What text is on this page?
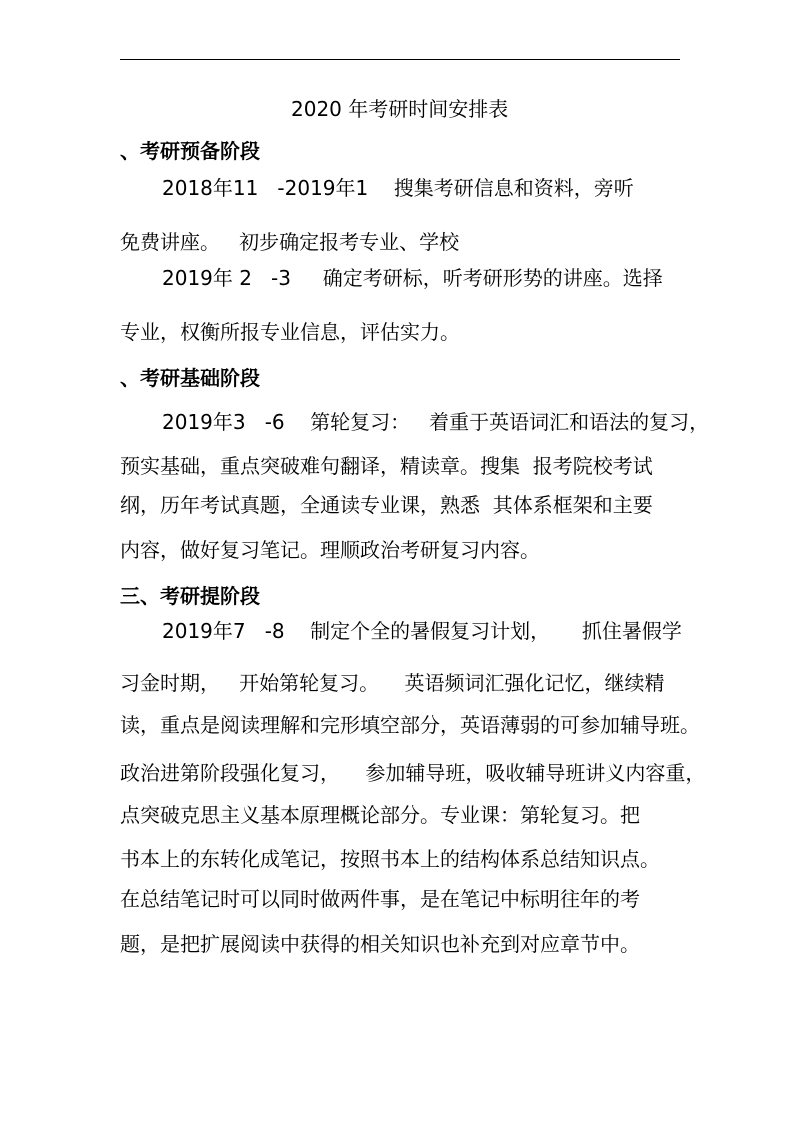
2020 年考研时间安排表
、考研预备阶段
2018年11   -2019年1    搜集考研信息和资料，旁听
免费讲座。   初步确定报考专业、学校
2019年 2   -3     确定考研标，听考研形势的讲座。选择
专业，权衡所报专业信息，评估实力。
、考研基础阶段
2019年3   -6    第轮复习：   着重于英语词汇和语法的复习，
预实基础，重点突破难句翻译，精读章。搜集  报考院校考试
纲，历年考试真题，全通读专业课，熟悉  其体系框架和主要
内容，做好复习笔记。理顺政治考研复习内容。
三、考研提阶段
2019年7   -8    制定个全的暑假复习计划，     抓住暑假学
习金时期，   开始第轮复习。    英语频词汇强化记忆，继续精
读，重点是阅读理解和完形填空部分，英语薄弱的可参加辅导班。
政治进第阶段强化复习，    参加辅导班，吸收辅导班讲义内容重，
点突破克思主义基本原理概论部分。专业课：第轮复习。把
书本上的东转化成笔记，按照书本上的结构体系总结知识点。
在总结笔记时可以同时做两件事，是在笔记中标明往年的考
题，是把扩展阅读中获得的相关知识也补充到对应章节中。
